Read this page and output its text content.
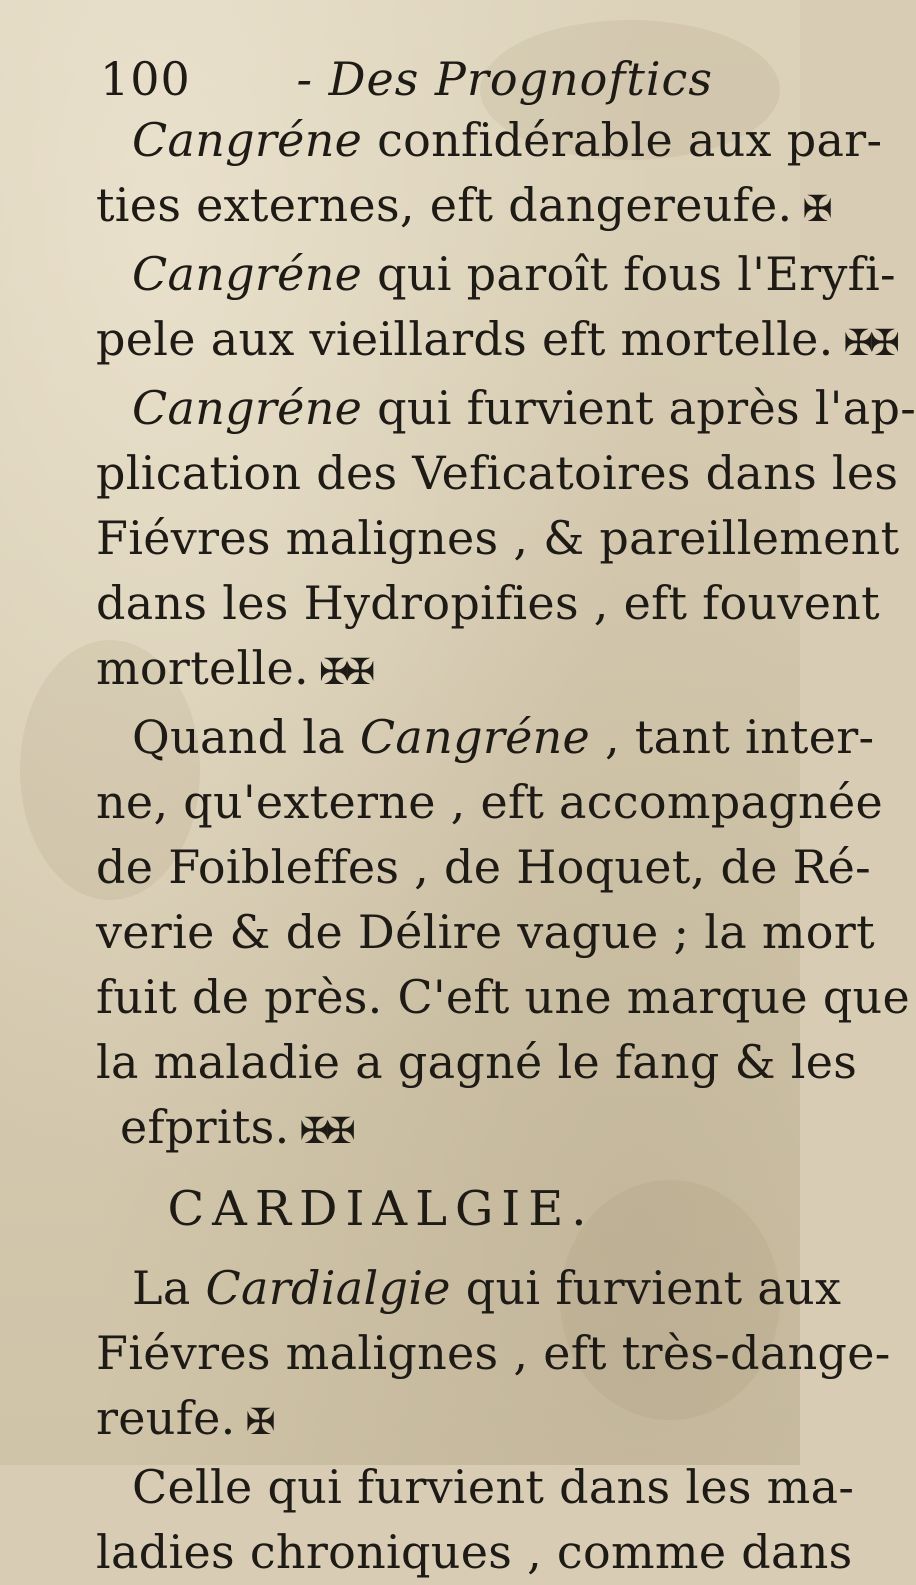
100 - Des Prognoftics
Cangréne confidérable aux par-
ties externes, eft dangereufe. ✠
Cangréne qui paroît fous l'Eryfi-
pele aux vieillards eft mortelle. ✠✠
Cangréne qui furvient après l'ap-
plication des Veficatoires dans les
Fiévres malignes , & pareillement
dans les Hydropifies , eft fouvent
mortelle. ✠✠
Quand la Cangréne , tant inter-
ne, qu'externe , eft accompagnée
de Foibleffes , de Hoquet, de Ré-
verie & de Délire vague ; la mort
fuit de près. C'eft une marque que
la maladie a gagné le fang & les
efprits. ✠✠
CARDIALGIE.
La Cardialgie qui furvient aux
Fiévres malignes , eft très-dange-
reufe. ✠
Celle qui furvient dans les ma-
ladies chroniques , comme dans
